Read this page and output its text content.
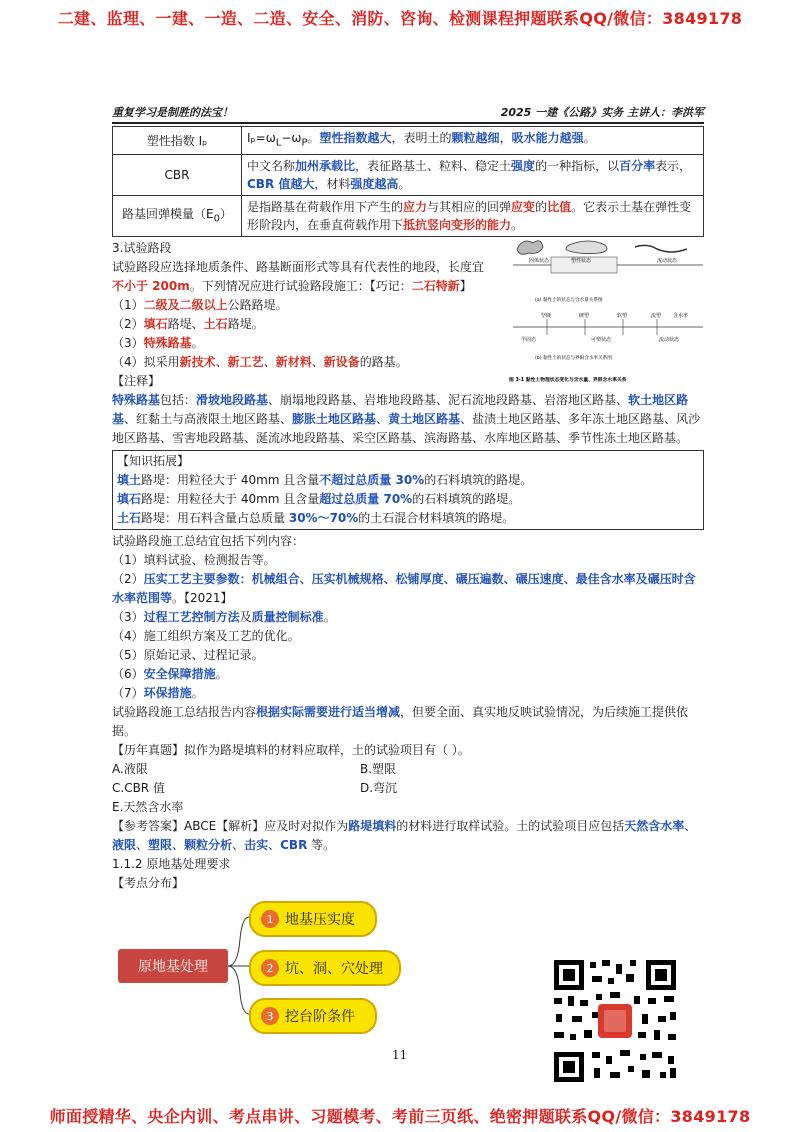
二建、监理、一建、一造、二造、安全、消防、咨询、检测课程押题联系QQ/微信：3849178
重复学习是制胜的法宝！	2025 一建《公路》实务 主讲人：李洪军
塑性指数 Iₚ	$I_p=\omega_L-\omega_P$。塑性指数越大，表明土的颗粒越细，吸水能力越强。
CBR	中文名称加州承载比，表征路基土、粒料、稳定土强度的一种指标，以百分率表示，CBR 值越大，材料强度越高。
路基回弹模量$(E_0)$	是指路基在荷载作用下产生的应力与其相应的回弹应变的比值。它表示土基在弹性变形阶段内，在垂直荷载作用下抵抗竖向变形的能力。
3.试验路段
试验路段应选择地质条件、路基断面形式等具有代表性的地段，长度宜不小于 200m。下列情况应进行试验路段施工：【巧记：二石特新】
（1）二级及二级以上公路路堤。
（2）填石路堤、土石路堤。
（3）特殊路基。
（4）拟采用新技术、新工艺、新材料、新设备的路基。
【注释】
特殊路基包括：滑坡地段路基、崩塌地段路基、岩堆地段路基、泥石流地段路基、岩溶地区路基、软土地区路基、红黏土与高液限土地区路基、膨胀土地区路基、黄土地区路基、盐渍土地区路基、多年冻土地区路基、风沙地区路基、雪害地段路基、涎流冰地段路基、采空区路基、滨海路基、水库地区路基、季节性冻土地区路基。
固体状态	塑性状态	流动状态
(a) 黏性土的状态与含水量关系图
坚硬	硬塑	软塑	流塑 含水率
半固态	可塑状态	流动状态
(b) 黏性土的状态与界限含水率关系图
图 3-1 黏性土物理状态变化与含水量、界限含水率关系
【知识拓展】
填土路堤：用粒径大于 40mm 且含量不超过总质量 30%的石料填筑的路堤。
填石路堤：用粒径大于 40mm 且含量超过总质量 70%的石料填筑的路堤。
土石路堤：用石料含量占总质量 30%～70%的土石混合材料填筑的路堤。
试验路段施工总结宜包括下列内容：
（1）填料试验、检测报告等。
（2）压实工艺主要参数：机械组合、压实机械规格、松铺厚度、碾压遍数、碾压速度、最佳含水率及碾压时含水率范围等。【2021】
（3）过程工艺控制方法及质量控制标准。
（4）施工组织方案及工艺的优化。
（5）原始记录、过程记录。
（6）安全保障措施。
（7）环保措施。
试验路段施工总结报告内容根据实际需要进行适当增减，但要全面、真实地反映试验情况，为后续施工提供依据。
【历年真题】拟作为路堤填料的材料应取样，土的试验项目有（ ）。
A.液限	B.塑限
C.CBR 值	D.弯沉
E.天然含水率
【参考答案】ABCE【解析】应及时对拟作为路堤填料的材料进行取样试验。土的试验项目应包括天然含水率、液限、塑限、颗粒分析、击实、CBR 等。
1.1.2 原地基处理要求
【考点分布】
原地基处理
1 地基压实度
2 坑、洞、穴处理
3 挖台阶条件
11
师面授精华、央企内训、考点串讲、习题模考、考前三页纸、绝密押题联系QQ/微信：3849178
